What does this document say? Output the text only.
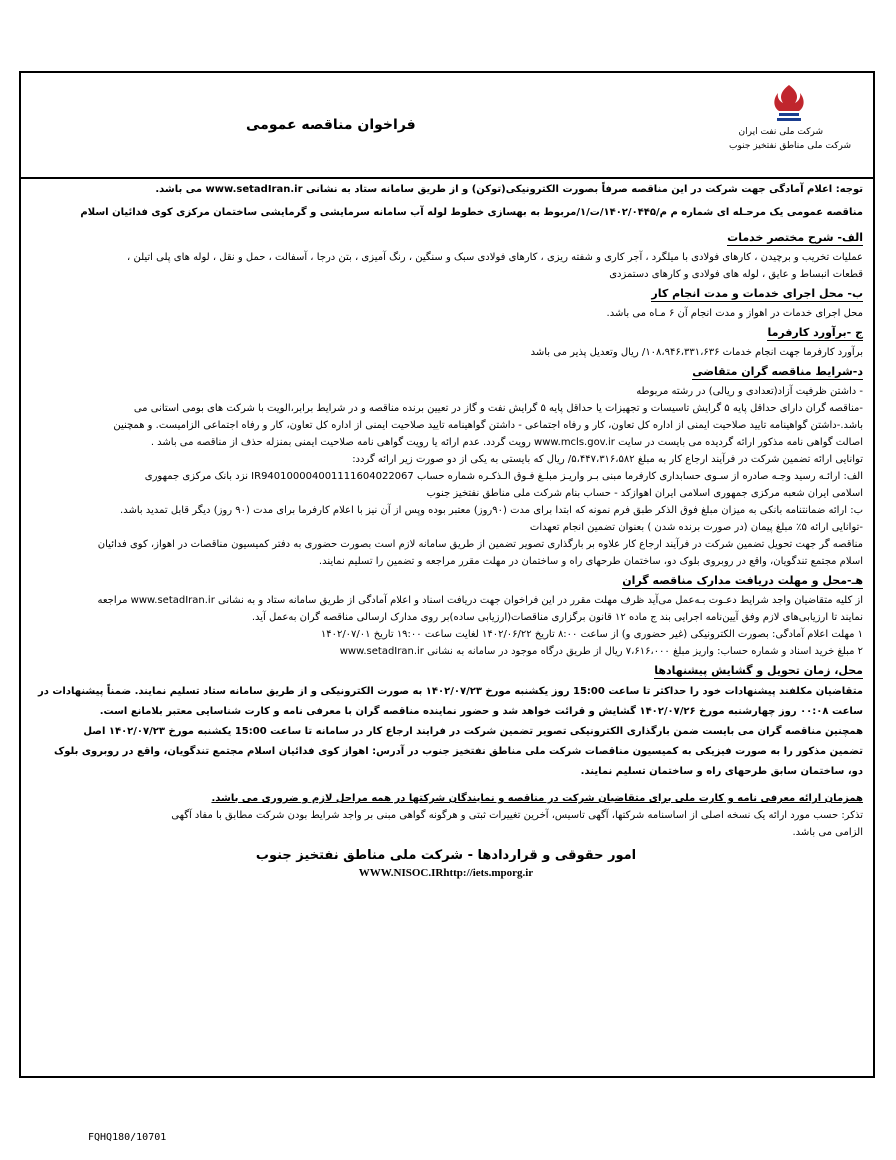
شرکت ملی نفت ایران
شرکت ملی مناطق نفتخیز جنوب
فراخوان مناقصه عمومی
توجه: اعلام آمادگی جهت شرکت در این مناقصه صرفاً بصورت الکترونیکی(توکن) و از طریق سامانه ستاد به نشانی www.setadIran.ir می باشد.
مناقصه عمومی یک مرحـله ای شماره م م/۱۴۰۲/۰۴۴۵/ت/۱/مربوط به بهسازی خطوط لوله آب سامانه سرمایشی و گرمایشی ساختمان مرکزی کوی فدائیان اسلام
الف- شرح مختصر خدمات
عملیات تخریب و برچیدن ، کارهای فولادی با میلگرد ، آجر کاری و شفته ریزی ، کارهای فولادی سبک و سنگین ، رنگ آمیزی ، بتن درجا ، آسفالت ، حمل و نقل ، لوله های پلی اتیلن ،
قطعات انبساط و عایق ، لوله های فولادی و کارهای دستمزدی
ب- محل اجرای خدمات و مدت انجام کار
محل اجرای خدمات در اهواز و مدت انجام آن ۶ مـاه می باشد.
ج -برآورد کارفرما
برآورد کارفرما جهت انجام خدمات ۱۰۸،۹۴۶،۳۳۱،۶۳۶/ ریال وتعدیل پذیر می باشد
د-شرایط مناقصه گران متقاضی
- داشتن ظرفیت آزاد(تعدادی و ریالی) در رشته مربوطه
-مناقصه گران دارای حداقل پایه ۵ گرایش تاسیسات و تجهیزات یا حداقل پایه ۵ گرایش نفت و گاز در تعیین برنده مناقصه و در شرایط برابر،الویت با شرکت های بومی استانی می
باشد.-داشتن گواهینامه تایید صلاحیت ایمنی از اداره کل تعاون، کار و رفاه اجتماعی - داشتن گواهینامه تایید صلاحیت ایمنی از اداره کل تعاون، کار و رفاه اجتماعی الزامیست. و همچنین
اصالت گواهی نامه مذکور ارائه گردیده می بایست در سایت www.mcls.gov.ir رویت گردد. عدم ارائه یا رویت گواهی نامه صلاحیت ایمنی بمنزله حذف از مناقصه می باشد .
توانایی ارائه تضمین شرکت در فرآیند ارجاع کار به مبلغ ۵،۴۴۷،۳۱۶،۵۸۲/ ریال که بایستی به یکی از دو صورت زیر ارائه گردد:
الف: ارائـه رسید وجـه صادره از سـوی حسابداری کارفرما مبنی بـر واریـز مبلـغ فـوق الـذکـره شماره حساب IR940100004001111604022067 نزد بانک مرکزی جمهوری
اسلامی ایران شعبه مرکزی جمهوری اسلامی ایران اهوازکد - حساب بنام شرکت ملی مناطق نفتخیز جنوب
ب: ارائه ضمانتنامه بانکی به میزان مبلغ فوق الذکر طبق فرم نمونه که ابتدا برای مدت (۹۰روز) معتبر بوده وپس از آن نیز با اعلام کارفرما برای مدت (۹۰ روز) دیگر قابل تمدید باشد.
-توانایی ارائه ۵٪ مبلغ پیمان (در صورت برنده شدن ) بعنوان تضمین انجام تعهدات
مناقصه گر جهت تحویل تضمین شرکت در فرآیند ارجاع کار علاوه بر بارگذاری تصویر تضمین از طریق سامانه لازم است بصورت حضوری به دفتر کمیسیون مناقصات در اهواز، کوی فدائیان
اسلام مجتمع تندگویان، واقع در روبروی بلوک دو، ساختمان طرحهای راه و ساختمان در مهلت مقرر مراجعه و تضمین را تسلیم نمایند.
هـ-محل و مهلت دریافت مدارک مناقصه گران
از کلیه متقاضیان واجد شرایط دعـوت بـه‌عمل می‌آید ظرف مهلت مقرر در این فراخوان جهت دریافت اسناد و اعلام آمادگی از طریق سامانه ستاد و به نشانی www.setadIran.ir مراجعه
نمایند تا ارزیابی‌های لازم وفق آیین‌نامه اجرایی بند ج ماده ۱۲ قانون برگزاری مناقصات(ارزیابی ساده)بر روی مدارک ارسالی مناقصه گران به‌عمل آید.
۱ مهلت اعلام آمادگی: بصورت الکترونیکی (غیر حضوری و) از ساعت ۸:۰۰ تاریخ ۱۴۰۲/۰۶/۲۲ لغایت ساعت ۱۹:۰۰ تاریخ ۱۴۰۲/۰۷/۰۱
۲ مبلغ خرید اسناد و شماره حساب: واریز مبلغ ۷،۶۱۶،۰۰۰ ریال از طریق درگاه موجود در سامانه به نشانی www.setadIran.ir
محل، زمان تحویل و گشایش پیشنهادها
متقاضیان مکلفند پیشنهادات خود را حداکثر تا ساعت 15:00 روز یکشنبه مورخ ۱۴۰۲/۰۷/۲۳ به صورت الکترونیکی و از طریق سامانه ستاد تسلیم نمایند. ضمناً پیشنهادات در
ساعت ۰۰:۰۸ روز چهارشنبه مورخ ۱۴۰۲/۰۷/۲۶ گشایش و قرائت خواهد شد و حضور نماینده مناقصه گران با معرفی نامه و کارت شناسایی معتبر بلامانع است.
همچنین مناقصه گران می بایست ضمن بارگذاری الکترونیکی تصویر تضمین شرکت در فرایند ارجاع کار در سامانه تا ساعت 15:00 یکشنبه مورخ ۱۴۰۲/۰۷/۲۳ اصل
تضمین مذکور را به صورت فیزیکی به کمیسیون مناقصات شرکت ملی مناطق نفتخیز جنوب در آدرس: اهواز کوی فدائیان اسلام مجتمع تندگویان، واقع در روبروی بلوک
دو، ساختمان سابق طرحهای راه و ساختمان تسلیم نمایند.
همزمان ارائه معرفی نامه و کارت ملی برای متقاضیان شرکت در مناقصه و نمایندگان شرکتها در همه مراحل لازم و ضروری می باشد.
تذکر: حسب مورد ارائه یک نسخه اصلی از اساسنامه شرکتها، آگهی تاسیس، آخرین تغییرات ثبتی و هرگونه گواهی مبنی بر واجد شرایط بودن شرکت مطابق با مفاد آگهی
الزامی می باشد.
امور حقوقی و قراردادها - شرکت ملی مناطق نفتخیز جنوب
WWW.NISOC.IRhttp://iets.mporg.ir
FQHQ180/10701
